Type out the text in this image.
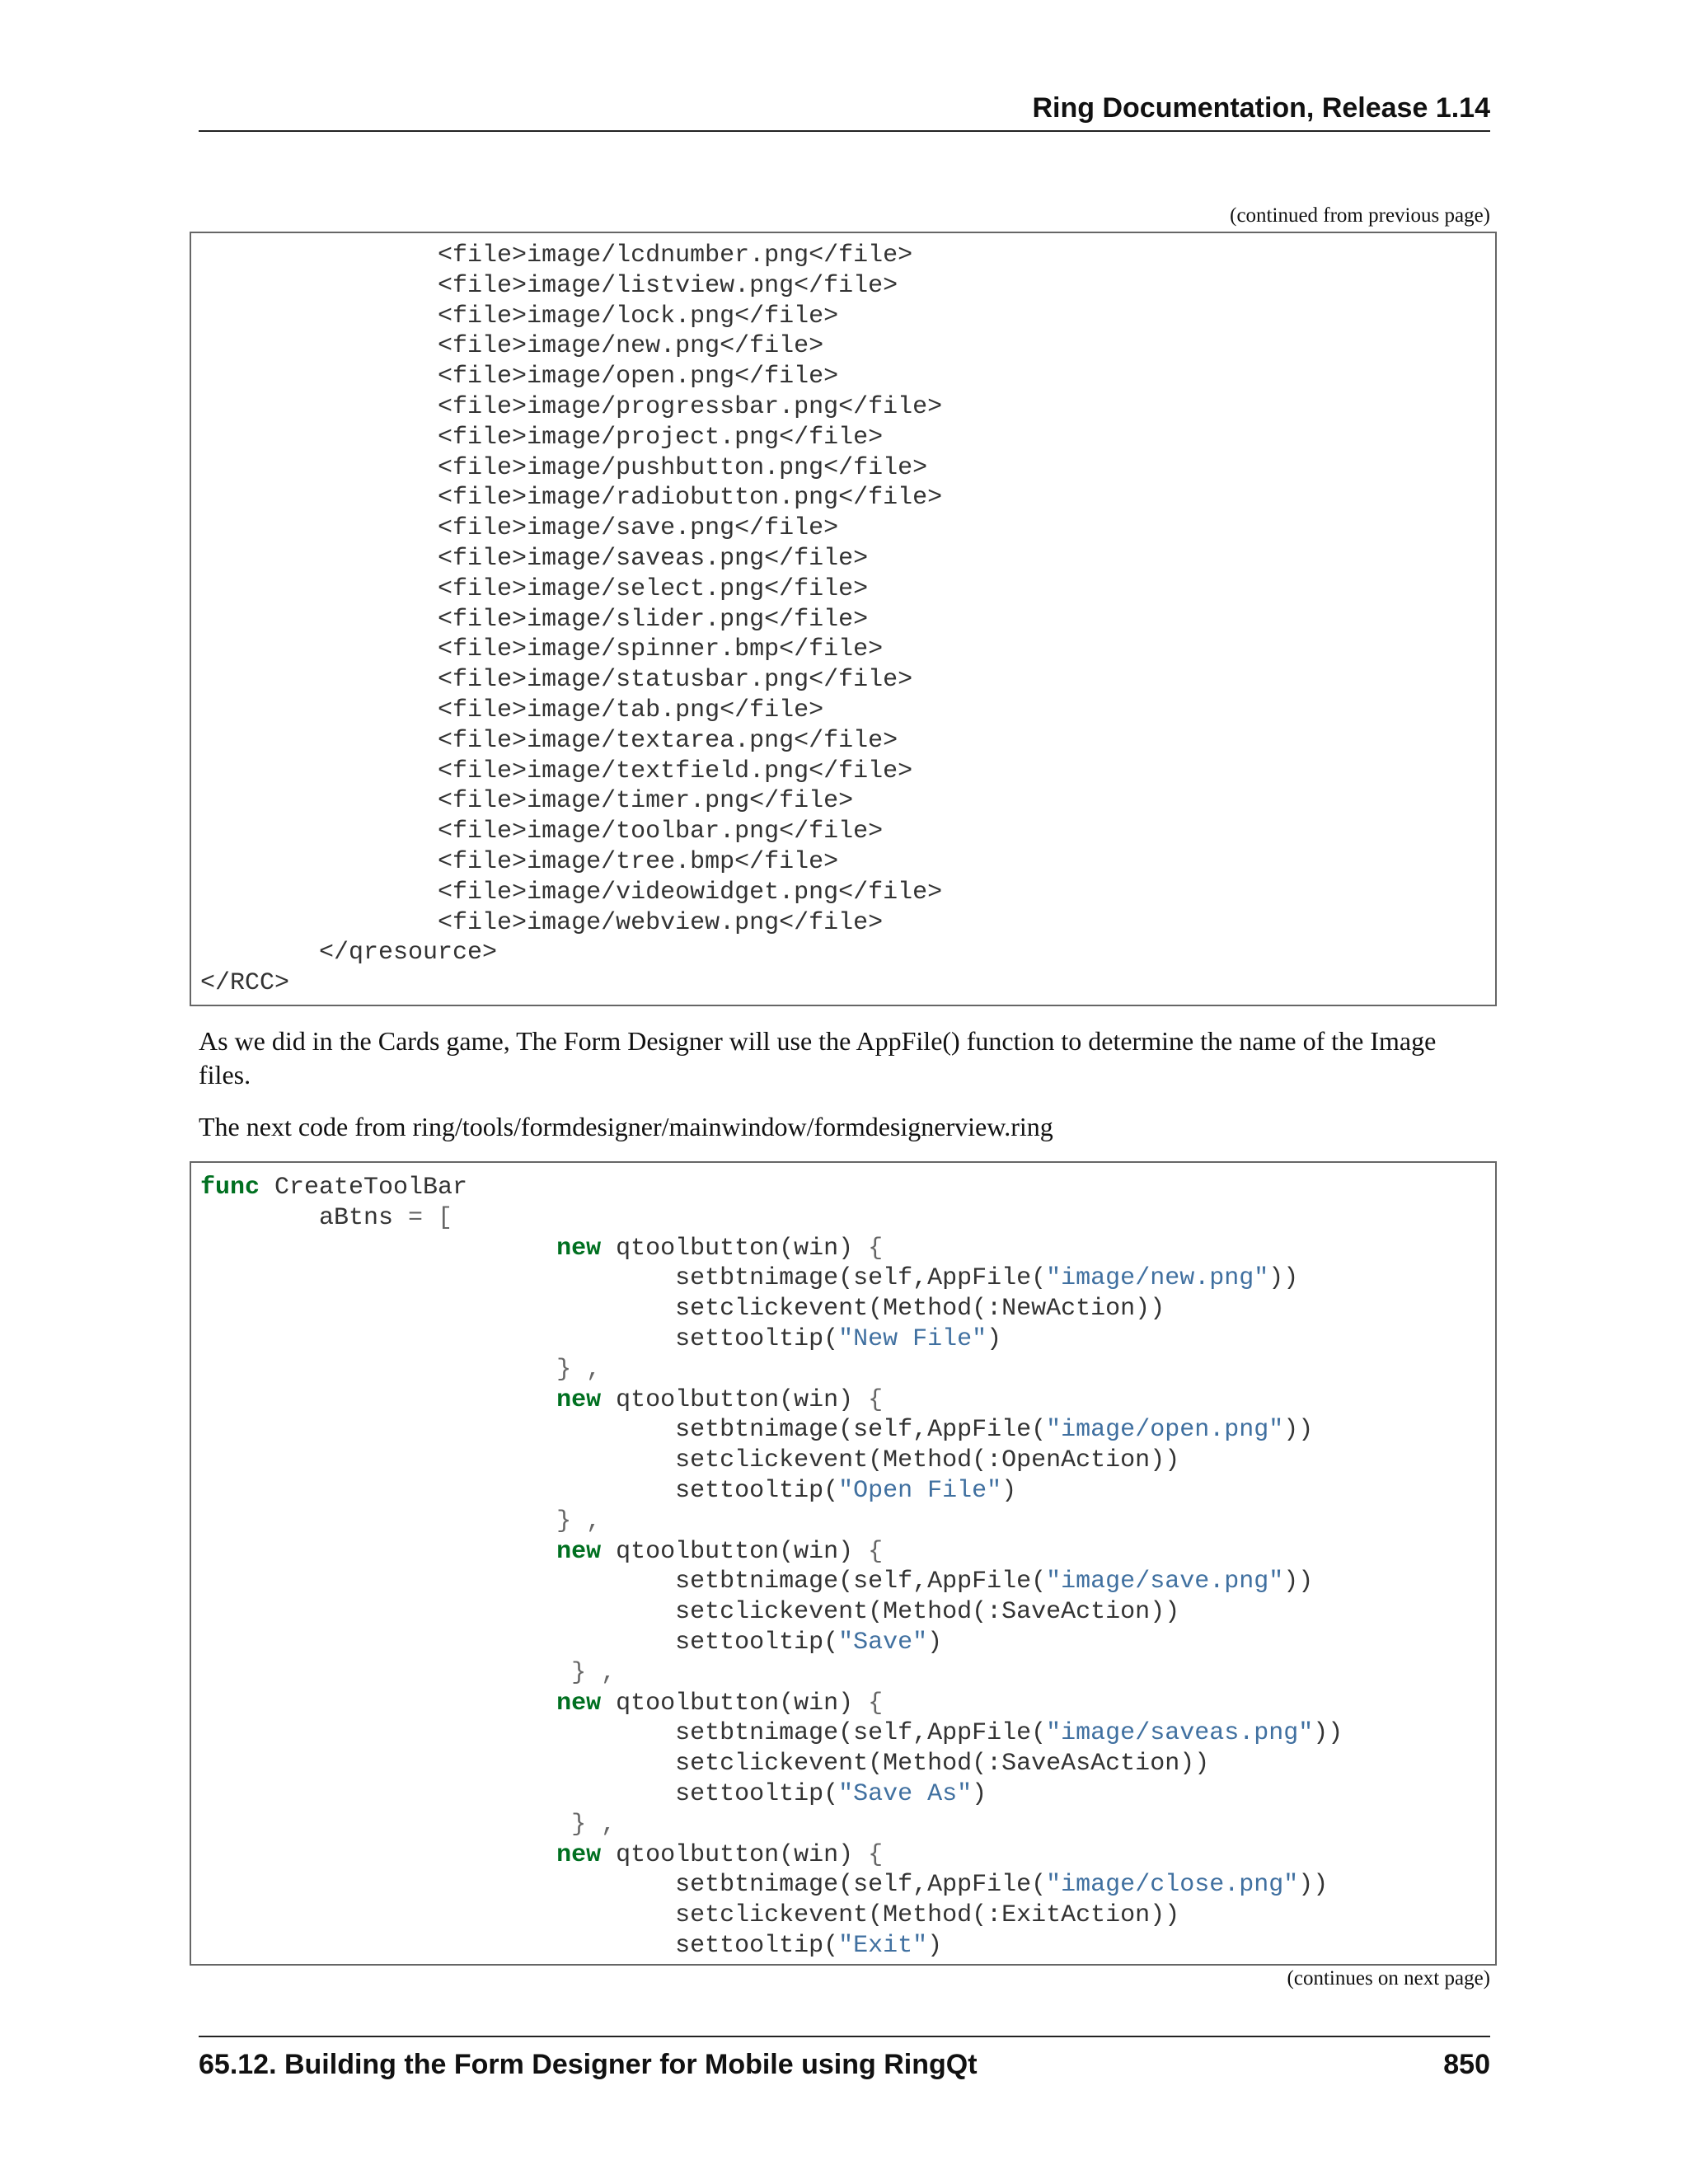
Ring Documentation, Release 1.14
(continued from previous page)
<file>image/lcdnumber.png</file>
<file>image/listview.png</file>
<file>image/lock.png</file>
<file>image/new.png</file>
<file>image/open.png</file>
<file>image/progressbar.png</file>
<file>image/project.png</file>
<file>image/pushbutton.png</file>
<file>image/radiobutton.png</file>
<file>image/save.png</file>
<file>image/saveas.png</file>
<file>image/select.png</file>
<file>image/slider.png</file>
<file>image/spinner.bmp</file>
<file>image/statusbar.png</file>
<file>image/tab.png</file>
<file>image/textarea.png</file>
<file>image/textfield.png</file>
<file>image/timer.png</file>
<file>image/toolbar.png</file>
<file>image/tree.bmp</file>
<file>image/videowidget.png</file>
<file>image/webview.png</file>
</qresource>
</RCC>

As we did in the Cards game, The Form Designer will use the AppFile() function to determine the name of the Image files.

The next code from ring/tools/formdesigner/mainwindow/formdesignerview.ring

func CreateToolBar
aBtns = [
new qtoolbutton(win) {
setbtnimage(self,AppFile("image/new.png"))
setclickevent(Method(:NewAction))
settooltip("New File")
} ,
new qtoolbutton(win) {
setbtnimage(self,AppFile("image/open.png"))
setclickevent(Method(:OpenAction))
settooltip("Open File")
} ,
new qtoolbutton(win) {
setbtnimage(self,AppFile("image/save.png"))
setclickevent(Method(:SaveAction))
settooltip("Save")
} ,
new qtoolbutton(win) {
setbtnimage(self,AppFile("image/saveas.png"))
setclickevent(Method(:SaveAsAction))
settooltip("Save As")
} ,
new qtoolbutton(win) {
setbtnimage(self,AppFile("image/close.png"))
setclickevent(Method(:ExitAction))
settooltip("Exit")
(continues on next page)
65.12. Building the Form Designer for Mobile using RingQt	850
